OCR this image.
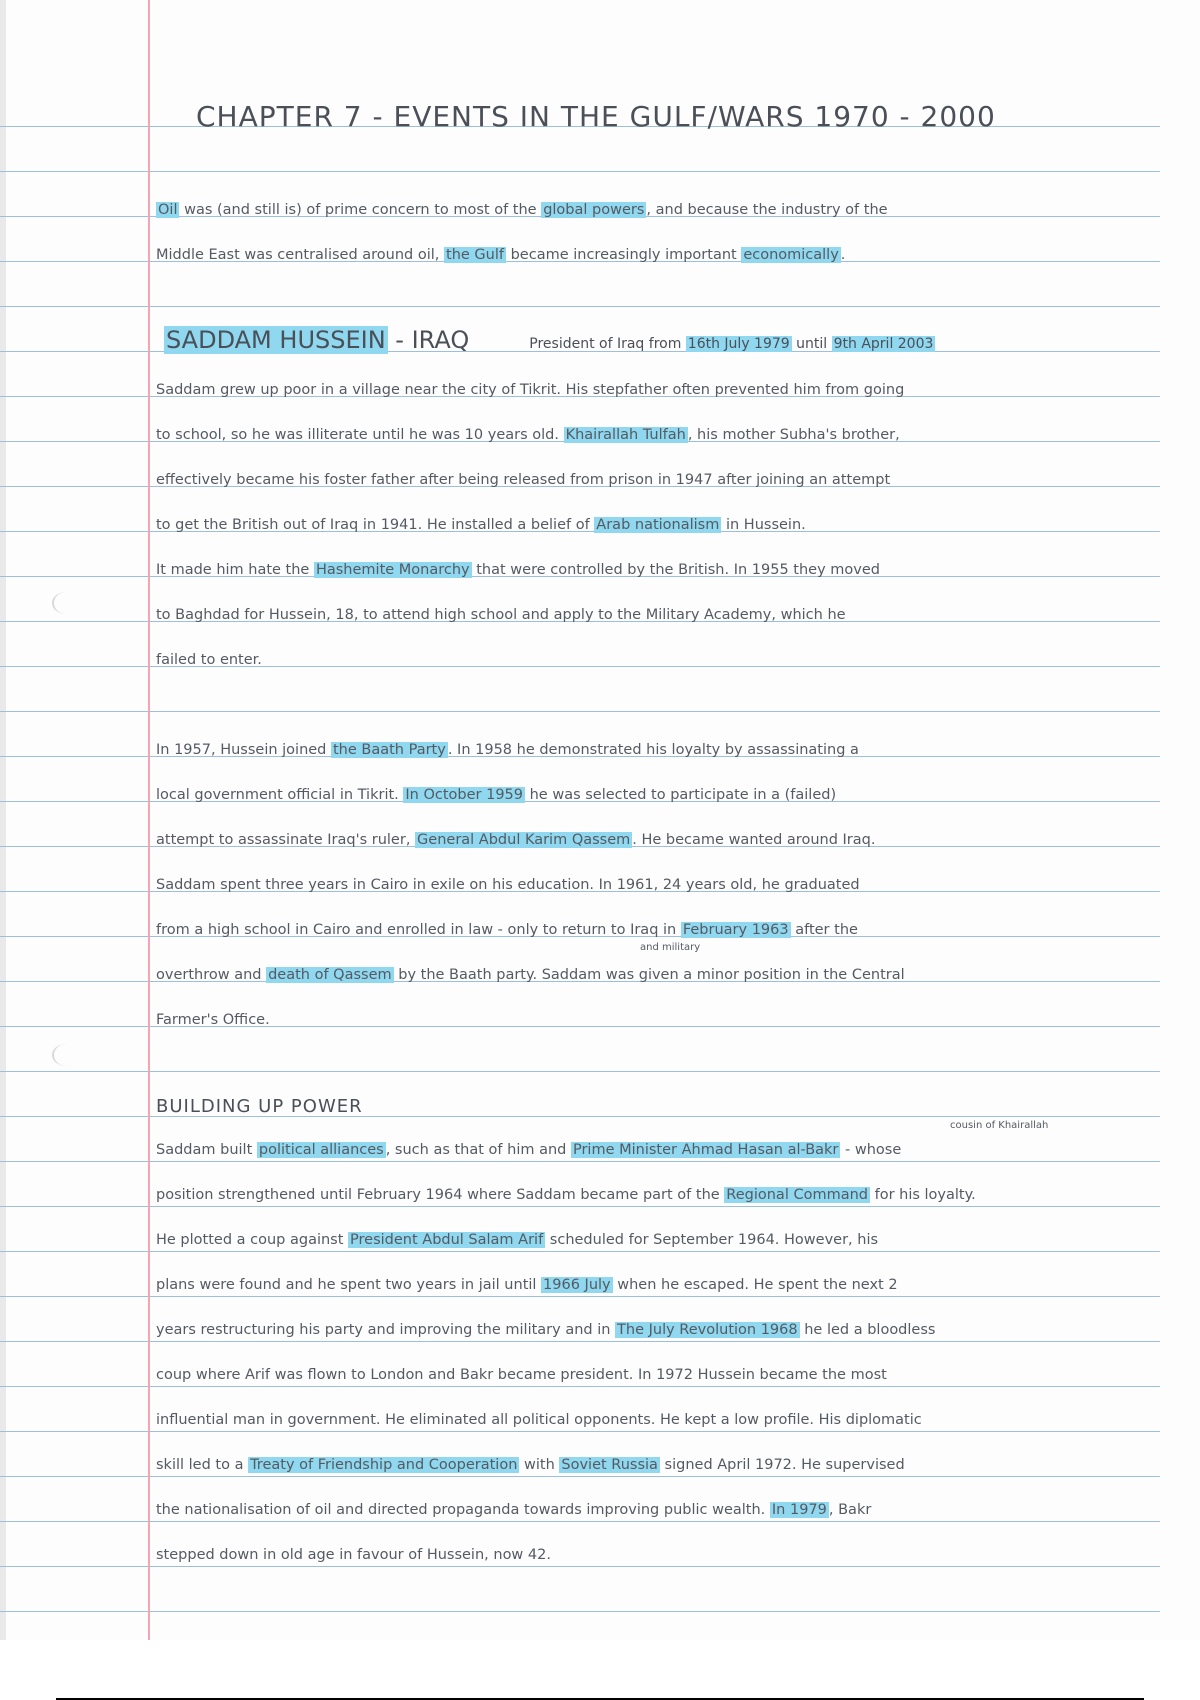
CHAPTER 7 - EVENTS IN THE GULF/WARS 1970 - 2000
Oil was (and still is) of prime concern to most of the global powers , and because the industry of the
Middle East was centralised around oil, the Gulf became increasingly important economically .
SADDAM HUSSEIN - IRAQ	President of Iraq from 16th July 1979 until 9th April 2003
BUILDING UP POWER
and military
cousin of Khairallah
Saddam grew up poor in a village near the city of Tikrit. His stepfather often prevented him from going
to school, so he was illiterate until he was 10 years old. Khairallah Tulfah , his mother Subha's brother,
effectively became his foster father after being released from prison in 1947 after joining an attempt
to get the British out of Iraq in 1941. He installed a belief of Arab nationalism in Hussein.
It made him hate the Hashemite Monarchy that were controlled by the British. In 1955 they moved
to Baghdad for Hussein, 18, to attend high school and apply to the Military Academy, which he
failed to enter.
In 1957, Hussein joined the Baath Party . In 1958 he demonstrated his loyalty by assassinating a
local government official in Tikrit. In October 1959 he was selected to participate in a (failed)
attempt to assassinate Iraq's ruler, General Abdul Karim Qassem . He became wanted around Iraq.
Saddam spent three years in Cairo in exile on his education. In 1961, 24 years old, he graduated
from a high school in Cairo and enrolled in law - only to return to Iraq in February 1963 after the
overthrow and death of Qassem by the Baath party. Saddam was given a minor position in the Central
Farmer's Office.
Saddam built political alliances , such as that of him and Prime Minister Ahmad Hasan al-Bakr - whose
position strengthened until February 1964 where Saddam became part of the Regional Command for his loyalty.
He plotted a coup against President Abdul Salam Arif scheduled for September 1964. However, his
plans were found and he spent two years in jail until 1966 July when he escaped. He spent the next 2
years restructuring his party and improving the military and in The July Revolution 1968 he led a bloodless
coup where Arif was flown to London and Bakr became president. In 1972 Hussein became the most
influential man in government. He eliminated all political opponents. He kept a low profile. His diplomatic
skill led to a Treaty of Friendship and Cooperation with Soviet Russia signed April 1972. He supervised
the nationalisation of oil and directed propaganda towards improving public wealth. In 1979 , Bakr
stepped down in old age in favour of Hussein, now 42.
